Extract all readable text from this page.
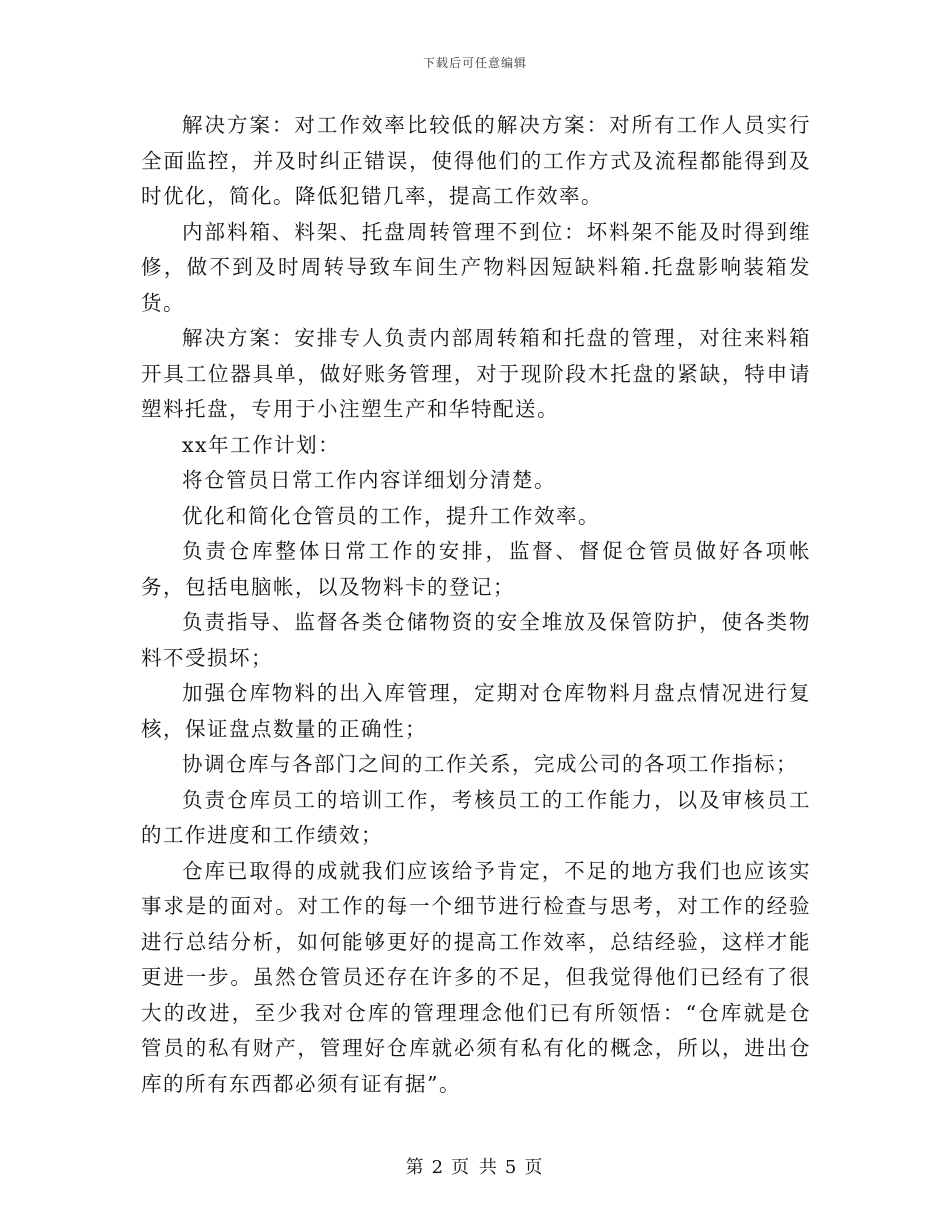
下载后可任意编辑

解决方案：对工作效率比较低的解决方案：对所有工作人员实行全面监控，并及时纠正错误，使得他们的工作方式及流程都能得到及时优化，简化。降低犯错几率，提高工作效率。

内部料箱、料架、托盘周转管理不到位：坏料架不能及时得到维修，做不到及时周转导致车间生产物料因短缺料箱.托盘影响装箱发货。

解决方案：安排专人负责内部周转箱和托盘的管理，对往来料箱开具工位器具单，做好账务管理，对于现阶段木托盘的紧缺，特申请塑料托盘，专用于小注塑生产和华特配送。

xx年工作计划：

将仓管员日常工作内容详细划分清楚。

优化和简化仓管员的工作，提升工作效率。

负责仓库整体日常工作的安排，监督、督促仓管员做好各项帐务，包括电脑帐，以及物料卡的登记；

负责指导、监督各类仓储物资的安全堆放及保管防护，使各类物料不受损坏；

加强仓库物料的出入库管理，定期对仓库物料月盘点情况进行复核，保证盘点数量的正确性；

协调仓库与各部门之间的工作关系，完成公司的各项工作指标；

负责仓库员工的培训工作，考核员工的工作能力，以及审核员工的工作进度和工作绩效；

仓库已取得的成就我们应该给予肯定，不足的地方我们也应该实事求是的面对。对工作的每一个细节进行检查与思考，对工作的经验进行总结分析，如何能够更好的提高工作效率，总结经验，这样才能更进一步。虽然仓管员还存在许多的不足，但我觉得他们已经有了很大的改进，至少我对仓库的管理理念他们已有所领悟：“仓库就是仓管员的私有财产，管理好仓库就必须有私有化的概念，所以，进出仓库的所有东西都必须有证有据”。

第 2 页 共 5 页
